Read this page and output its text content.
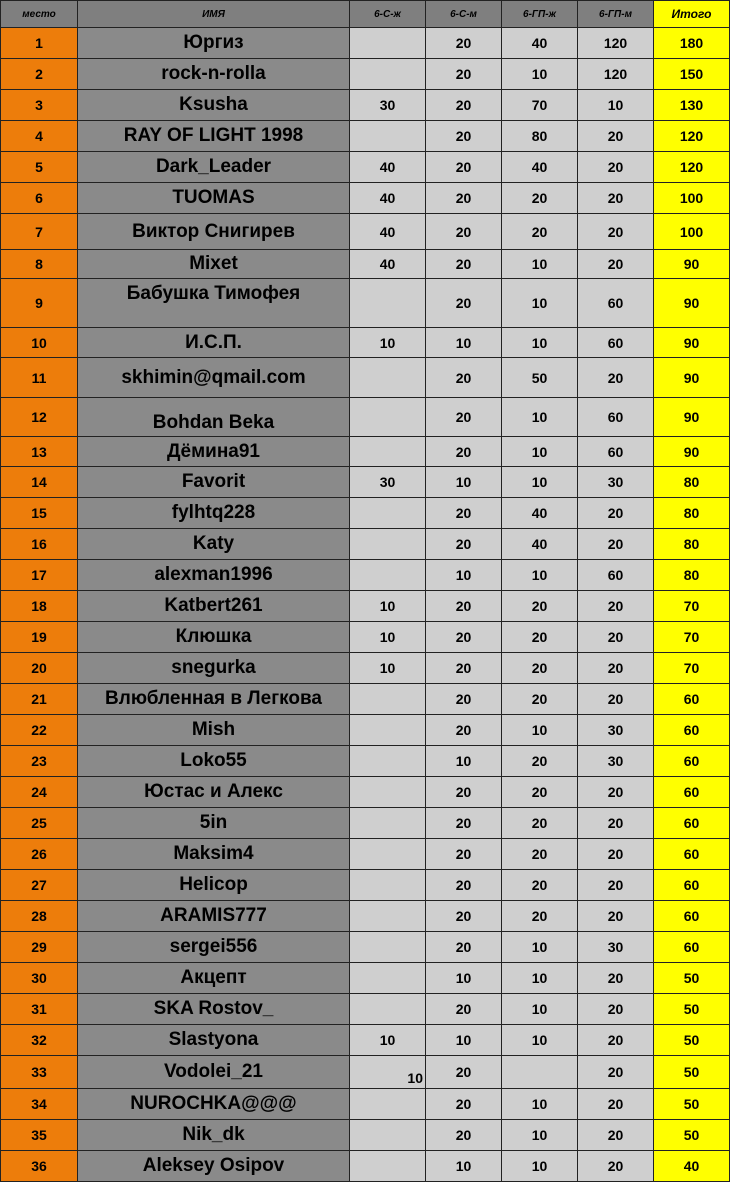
место	ИМЯ	6-С-ж	6-С-м	6-ГП-ж	6-ГП-м	Итого
1	Юргиз		20	40	120	180
2	rock-n-rolla		20	10	120	150
3	Ksusha	30	20	70	10	130
4	RAY OF LIGHT 1998		20	80	20	120
5	Dark_Leader	40	20	40	20	120
6	TUOMAS	40	20	20	20	100
7	Виктор Снигирев	40	20	20	20	100
8	Mixet	40	20	10	20	90
9	Бабушка Тимофея		20	10	60	90
10	И.С.П.	10	10	10	60	90
11	skhimin@qmail.com		20	50	20	90
12	Bohdan Beka		20	10	60	90
13	Дёмина91		20	10	60	90
14	Favorit	30	10	10	30	80
15	fylhtq228		20	40	20	80
16	Katy		20	40	20	80
17	alexman1996		10	10	60	80
18	Katbert261	10	20	20	20	70
19	Клюшка	10	20	20	20	70
20	snegurka	10	20	20	20	70
21	Влюбленная в Легкова		20	20	20	60
22	Mish		20	10	30	60
23	Loko55		10	20	30	60
24	Юстас и Алекс		20	20	20	60
25	5in		20	20	20	60
26	Maksim4		20	20	20	60
27	Helicop		20	20	20	60
28	ARAMIS777		20	20	20	60
29	sergei556		20	10	30	60
30	Акцепт		10	10	20	50
31	SKA Rostov_		20	10	20	50
32	Slastyona	10	10	10	20	50
33	Vodolei_21	10	20		20	50
34	NUROCHKA@@@		20	10	20	50
35	Nik_dk		20	10	20	50
36	Aleksey Osipov		10	10	20	40
